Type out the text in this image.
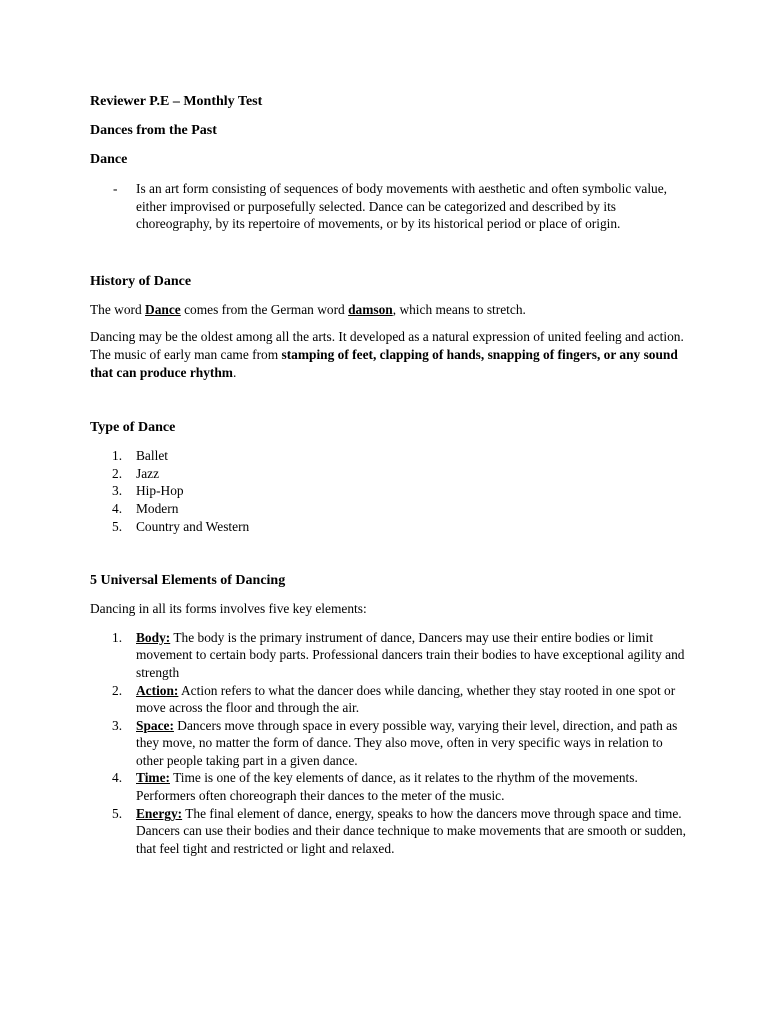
Reviewer P.E – Monthly Test

Dances from the Past

Dance

- Is an art form consisting of sequences of body movements with aesthetic and often symbolic value, either improvised or purposefully selected. Dance can be categorized and described by its choreography, by its repertoire of movements, or by its historical period or place of origin.

History of Dance

The word Dance comes from the German word damson, which means to stretch.

Dancing may be the oldest among all the arts. It developed as a natural expression of united feeling and action. The music of early man came from stamping of feet, clapping of hands, snapping of fingers, or any sound that can produce rhythm.

Type of Dance

1. Ballet
2. Jazz
3. Hip-Hop
4. Modern
5. Country and Western

5 Universal Elements of Dancing

Dancing in all its forms involves five key elements:

1. Body: The body is the primary instrument of dance, Dancers may use their entire bodies or limit movement to certain body parts. Professional dancers train their bodies to have exceptional agility and strength
2. Action: Action refers to what the dancer does while dancing, whether they stay rooted in one spot or move across the floor and through the air.
3. Space: Dancers move through space in every possible way, varying their level, direction, and path as they move, no matter the form of dance. They also move, often in very specific ways in relation to other people taking part in a given dance.
4. Time: Time is one of the key elements of dance, as it relates to the rhythm of the movements. Performers often choreograph their dances to the meter of the music.
5. Energy: The final element of dance, energy, speaks to how the dancers move through space and time. Dancers can use their bodies and their dance technique to make movements that are smooth or sudden, that feel tight and restricted or light and relaxed.
